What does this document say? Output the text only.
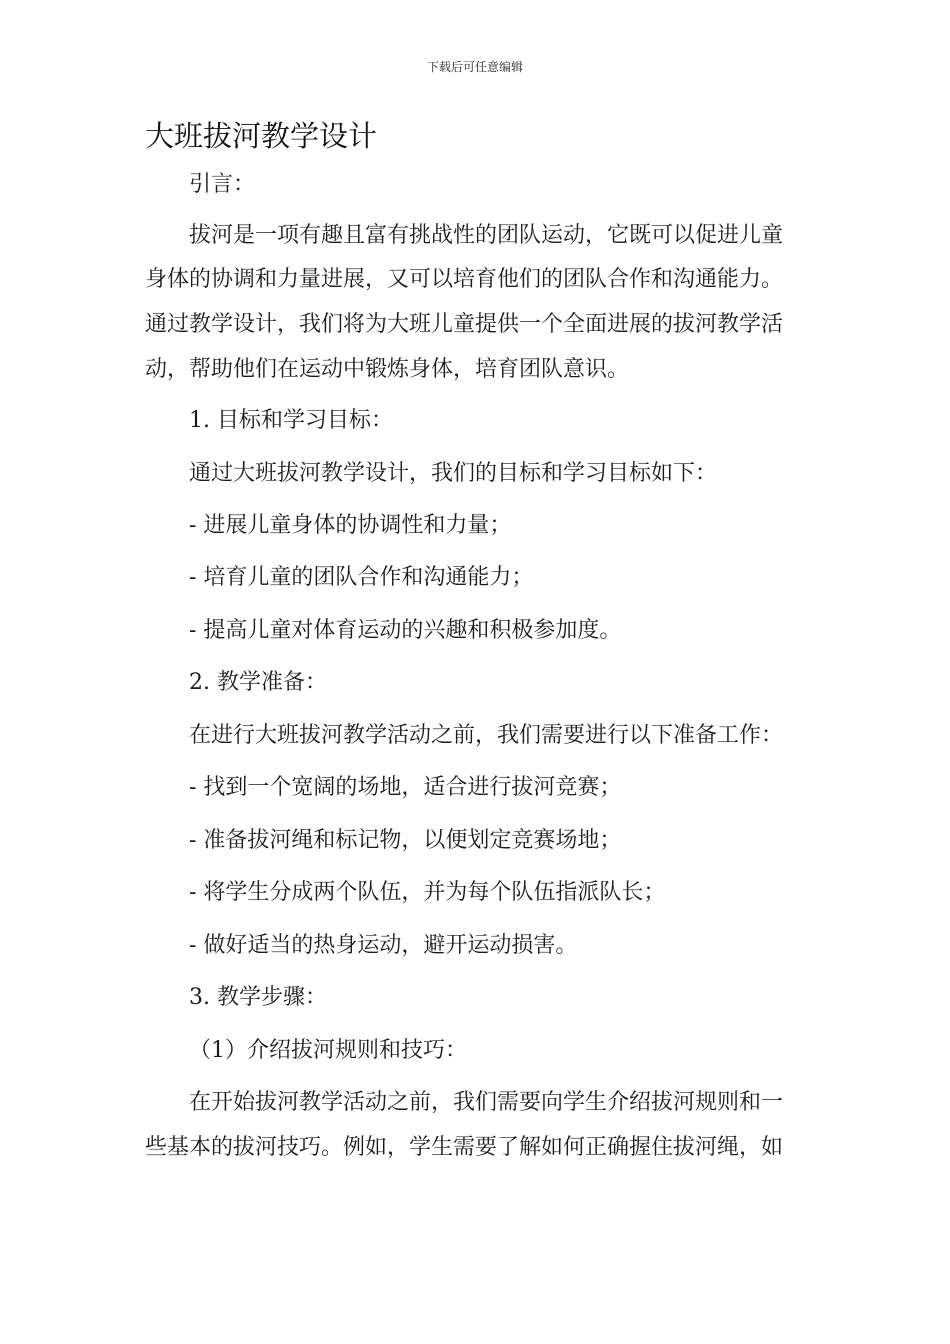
下载后可任意编辑
大班拔河教学设计
引言：
拔河是一项有趣且富有挑战性的团队运动，它既可以促进儿童
身体的协调和力量进展，又可以培育他们的团队合作和沟通能力。
通过教学设计，我们将为大班儿童提供一个全面进展的拔河教学活
动，帮助他们在运动中锻炼身体，培育团队意识。
1. 目标和学习目标：
通过大班拔河教学设计，我们的目标和学习目标如下：
- 进展儿童身体的协调性和力量；
- 培育儿童的团队合作和沟通能力；
- 提高儿童对体育运动的兴趣和积极参加度。
2. 教学准备：
在进行大班拔河教学活动之前，我们需要进行以下准备工作：
- 找到一个宽阔的场地，适合进行拔河竞赛；
- 准备拔河绳和标记物，以便划定竞赛场地；
- 将学生分成两个队伍，并为每个队伍指派队长；
- 做好适当的热身运动，避开运动损害。
3. 教学步骤：
（1）介绍拔河规则和技巧：
在开始拔河教学活动之前，我们需要向学生介绍拔河规则和一
些基本的拔河技巧。例如，学生需要了解如何正确握住拔河绳，如
